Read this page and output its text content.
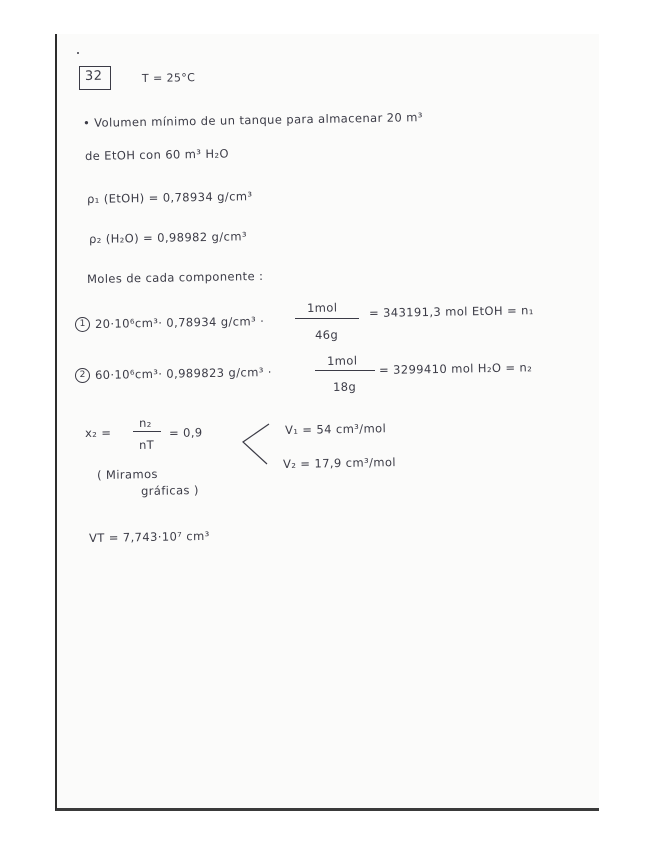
32	T = 25°C
• Volumen mínimo de un tanque para almacenar 20 m³
de EtOH con 60 m³ H₂O
ρ₁ (EtOH) = 0,78934 g/cm³
ρ₂ (H₂O) = 0,98982 g/cm³
Moles de cada componente :
1 20·10⁶cm³· 0,78934 g/cm³ ·
1mol
46g
= 343191,3 mol EtOH = n₁
2 60·10⁶cm³· 0,989823 g/cm³ ·
1mol
18g
= 3299410 mol H₂O = n₂
x₂ =
n₂
nT
= 0,9	V₁ = 54 cm³/mol
V₂ = 17,9 cm³/mol
( Miramos
gráficas )
VT = 7,743·10⁷ cm³
